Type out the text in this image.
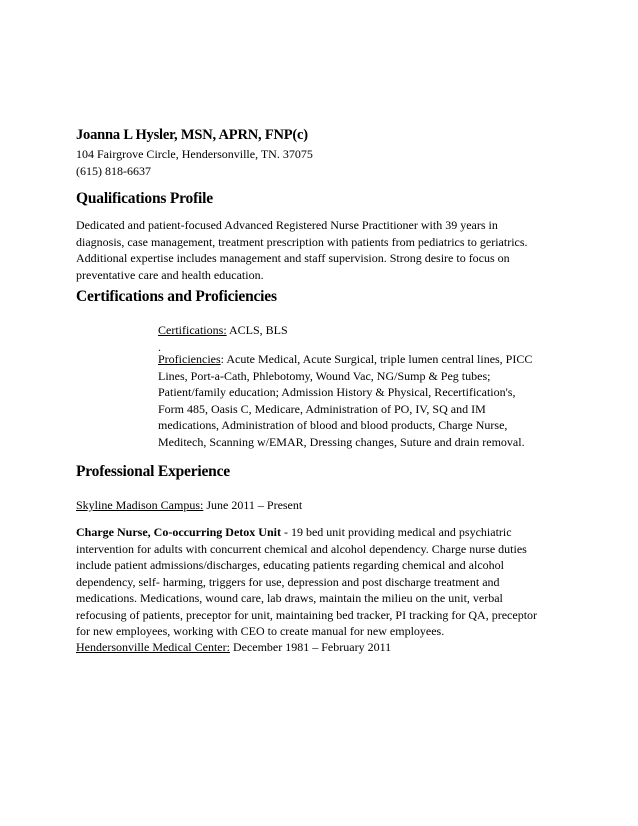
Joanna L Hysler, MSN, APRN, FNP(c)

104 Fairgrove Circle, Hendersonville, TN. 37075

(615) 818-6637

Qualifications Profile

Dedicated and patient-focused Advanced Registered Nurse Practitioner with 39 years in

diagnosis, case management, treatment prescription with patients from pediatrics to geriatrics.

Additional expertise includes management and staff supervision. Strong desire to focus on

preventative care and health education.

Certifications and Proficiencies
Certifications: ACLS, BLS
.

Proficiencies: Acute Medical, Acute Surgical, triple lumen central lines, PICC

Lines, Port-a-Cath, Phlebotomy, Wound Vac, NG/Sump & Peg tubes;

Patient/family education; Admission History & Physical, Recertification's,

Form 485, Oasis C, Medicare, Administration of PO, IV, SQ and IM

medications, Administration of blood and blood products, Charge Nurse,

Meditech, Scanning w/EMAR, Dressing changes, Suture and drain removal.

Professional Experience
Skyline Madison Campus: June 2011 – Present

Charge Nurse, Co-occurring Detox Unit - 19 bed unit providing medical and psychiatric

intervention for adults with concurrent chemical and alcohol dependency. Charge nurse duties

include patient admissions/discharges, educating patients regarding chemical and alcohol

dependency, self- harming, triggers for use, depression and post discharge treatment and

medications. Medications, wound care, lab draws, maintain the milieu on the unit, verbal

refocusing of patients, preceptor for unit, maintaining bed tracker, PI tracking for QA, preceptor

for new employees, working with CEO to create manual for new employees.

Hendersonville Medical Center: December 1981 – February 2011
